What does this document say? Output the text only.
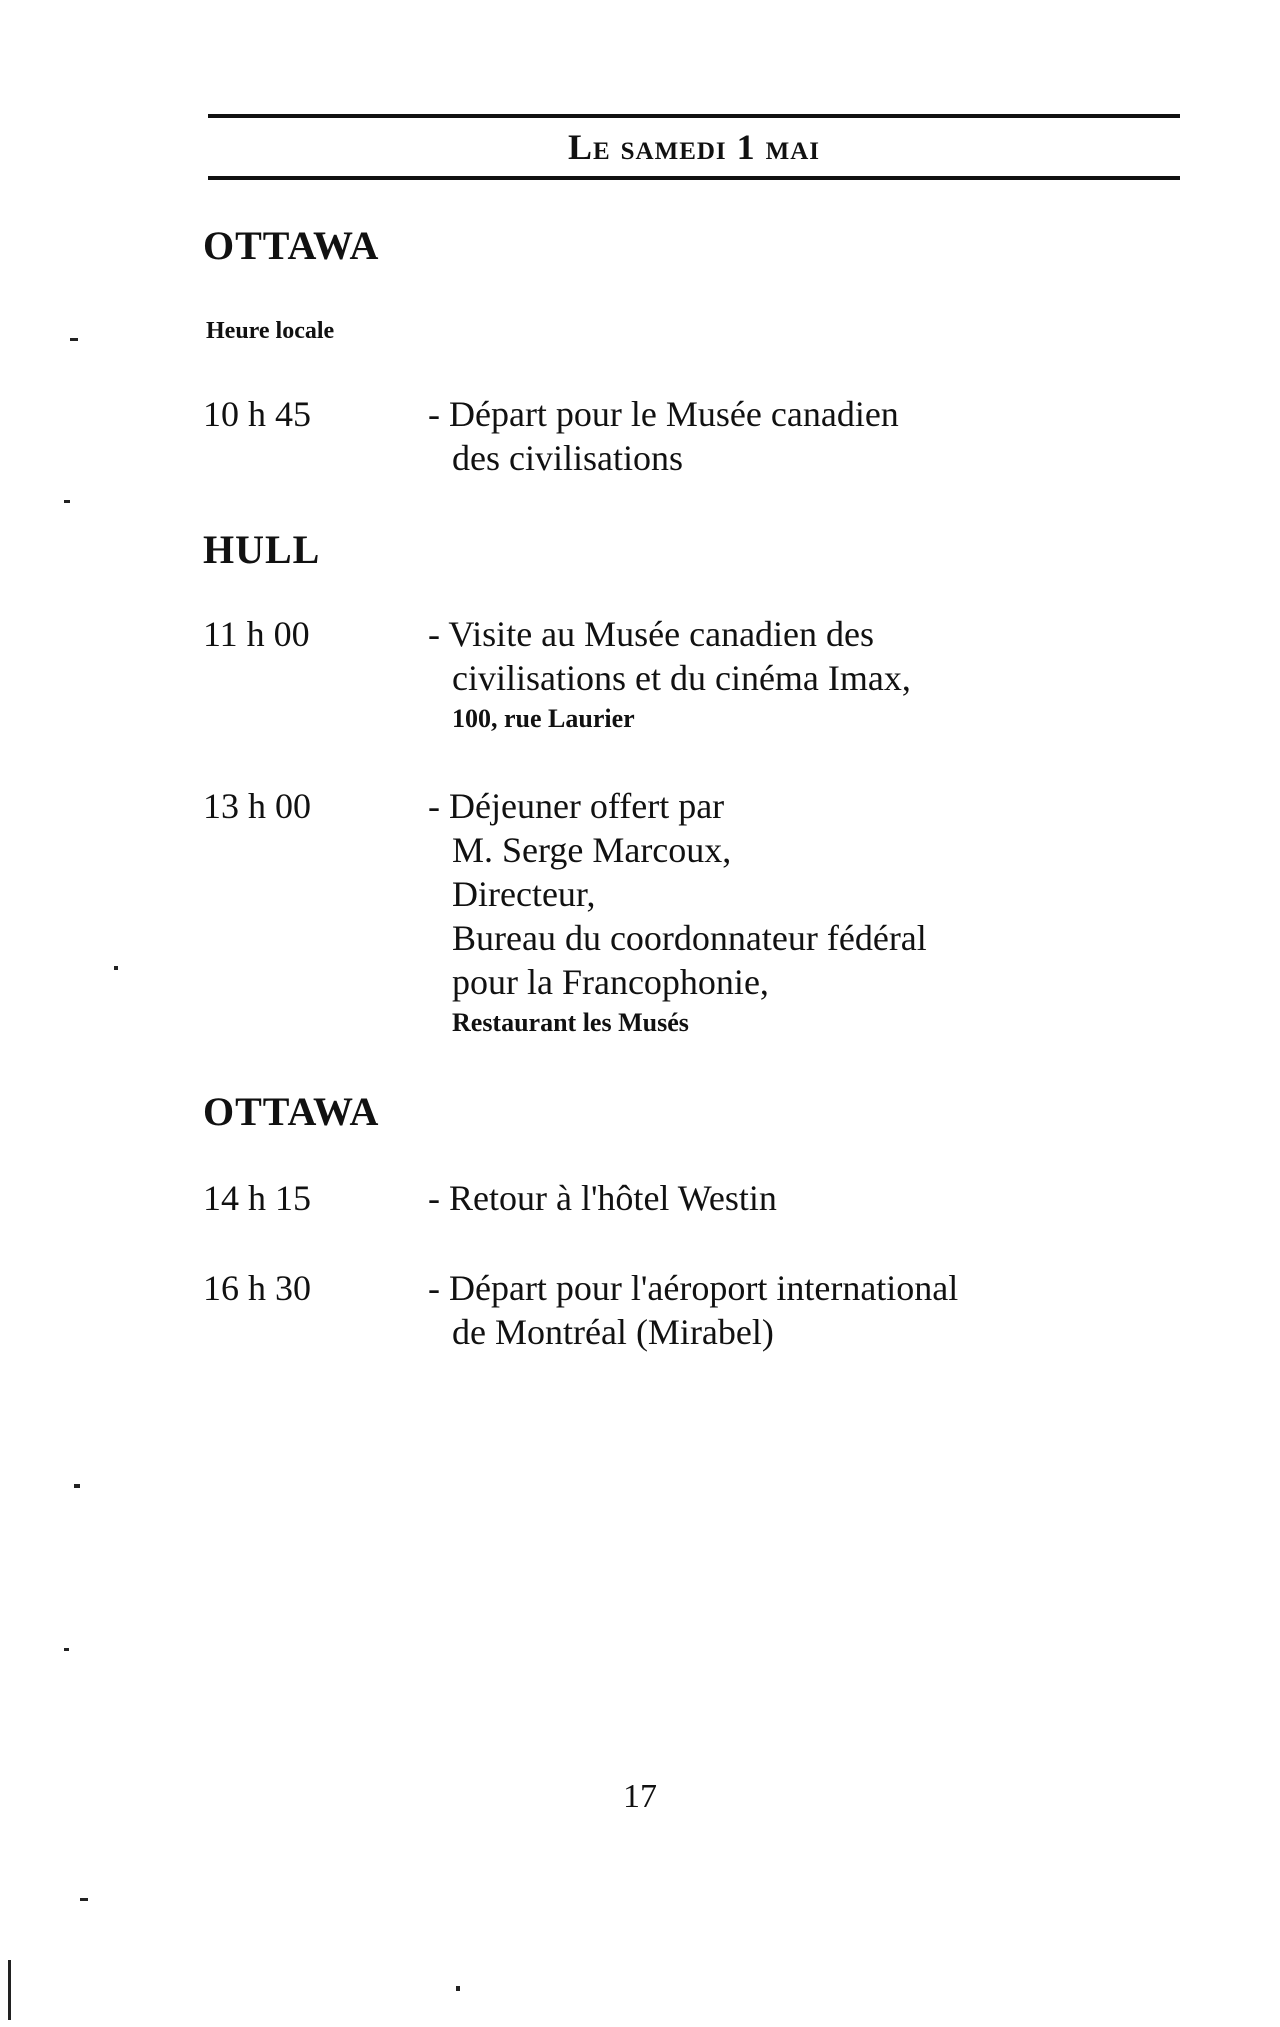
Le samedi 1 mai
OTTAWA
Heure locale
10 h 45	- Départ pour le Musée canadien
des civilisations
HULL
11 h 00	- Visite au Musée canadien des
civilisations et du cinéma Imax,
100, rue Laurier
13 h 00	- Déjeuner offert par
M. Serge Marcoux,
Directeur,
Bureau du coordonnateur fédéral
pour la Francophonie,
Restaurant les Musés
OTTAWA
14 h 15	- Retour à l'hôtel Westin
16 h 30	- Départ pour l'aéroport international
de Montréal (Mirabel)
17
